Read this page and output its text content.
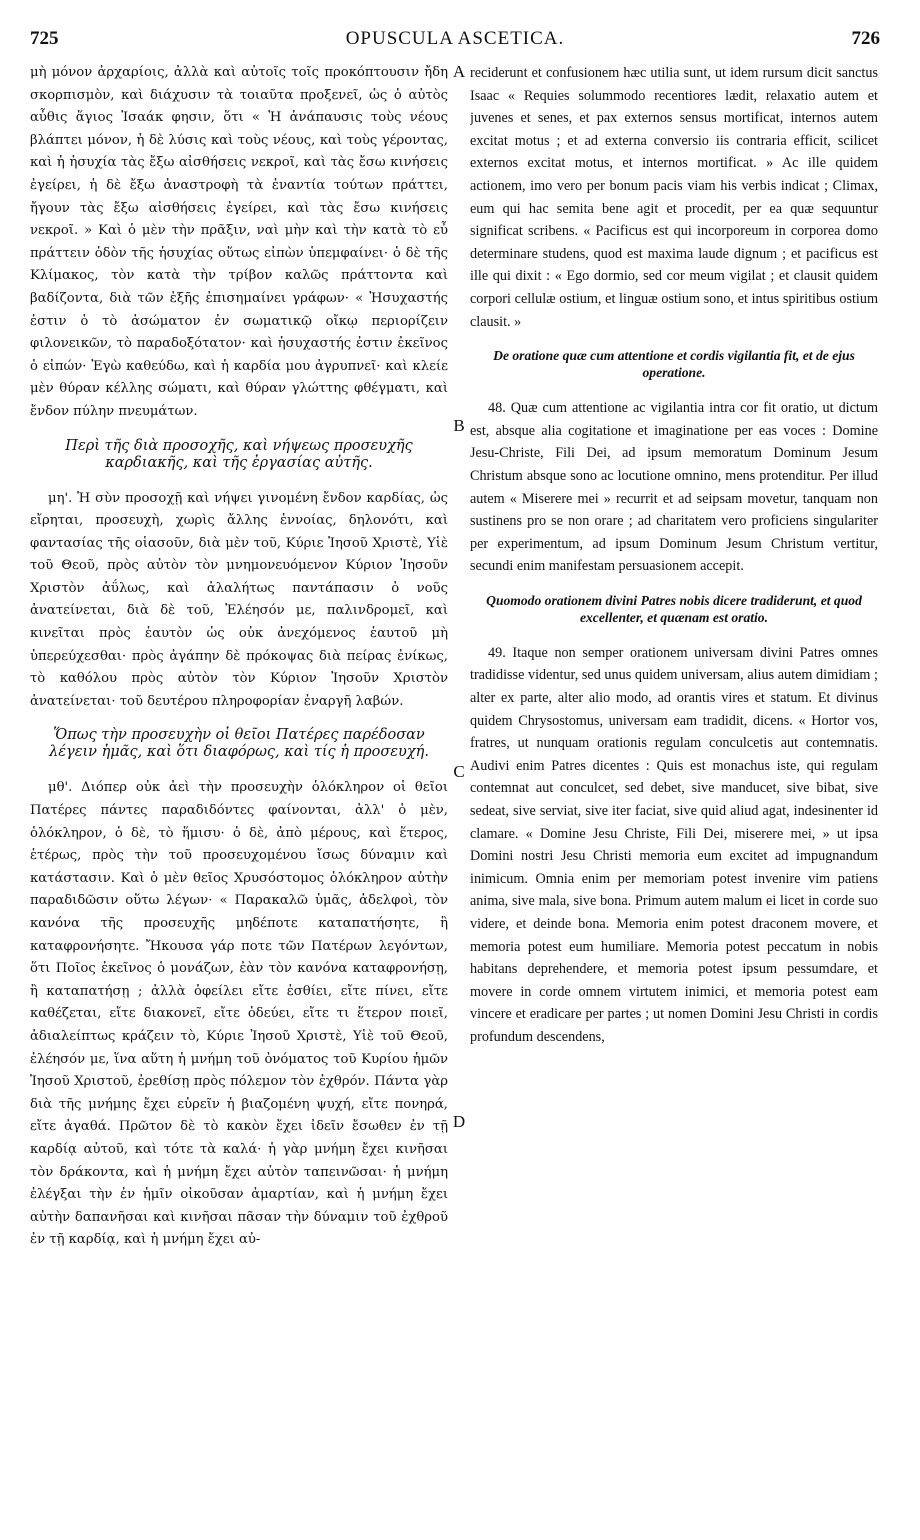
725	OPUSCULA ASCETICA.	726

μὴ μόνον ἀρχαρίοις, ἀλλὰ καὶ αὐτοῖς τοῖς προκόπτουσιν ἤδη σκορπισμὸν, καὶ διάχυσιν τὰ τοιαῦτα προξενεῖ, ὡς ὁ αὐτὸς αὖθις ἅγιος Ἰσαάκ φησιν, ὅτι « Ἡ ἀνάπαυσις τοὺς νέους βλάπτει μόνον, ἡ δὲ λύσις καὶ τοὺς νέους, καὶ τοὺς γέροντας, καὶ ἡ ἡσυχία τὰς ἔξω αἰσθήσεις νεκροῖ, καὶ τὰς ἔσω κινήσεις ἐγείρει, ἡ δὲ ἔξω ἀναστροφὴ τὰ ἐναντία τούτων πράττει, ἤγουν τὰς ἔξω αἰσθήσεις ἐγείρει, καὶ τὰς ἔσω κινήσεις νεκροῖ. » Καὶ ὁ μὲν τὴν πρᾶξιν, ναὶ μὴν καὶ τὴν κατὰ τὸ εὖ πράττειν ὁδὸν τῆς ἡσυχίας οὕτως εἰπὼν ὑπεμφαίνει· ὁ δὲ τῆς Κλίμακος, τὸν κατὰ τὴν τρίβον καλῶς πράττοντα καὶ βαδίζοντα, διὰ τῶν ἑξῆς ἐπισημαίνει γράφων· « Ἡσυχαστής ἐστιν ὁ τὸ ἀσώματον ἐν σωματικῷ οἴκῳ περιορίζειν φιλονεικῶν, τὸ παραδοξότατον· καὶ ἡσυχαστής ἐστιν ἐκεῖνος ὁ εἰπών· Ἐγὼ καθεύδω, καὶ ἡ καρδία μου ἀγρυπνεῖ· καὶ κλείε μὲν θύραν κέλλης σώματι, καὶ θύραν γλώττης φθέγματι, καὶ ἔνδον πύλην πνευμάτων.

Περὶ τῆς διὰ προσοχῆς, καὶ νήψεως προσευχῆς καρδιακῆς, καὶ τῆς ἐργασίας αὐτῆς.

μη'. Ἡ σὺν προσοχῇ καὶ νήψει γινομένη ἔνδον καρδίας, ὡς εἴρηται, προσευχὴ, χωρὶς ἄλλης ἐννοίας, δηλονότι, καὶ φαντασίας τῆς οἱασοῦν, διὰ μὲν τοῦ, Κύριε Ἰησοῦ Χριστὲ, Υἱὲ τοῦ Θεοῦ, πρὸς αὐτὸν τὸν μνημονευόμενον Κύριον Ἰησοῦν Χριστὸν ἀΰλως, καὶ ἀλαλήτως παντάπασιν ὁ νοῦς ἀνατείνεται, διὰ δὲ τοῦ, Ἐλέησόν με, παλινδρομεῖ, καὶ κινεῖται πρὸς ἑαυτὸν ὡς οὐκ ἀνεχόμενος ἑαυτοῦ μὴ ὑπερεύχεσθαι· πρὸς ἀγάπην δὲ πρόκοψας διὰ πείρας ἐνίκως, τὸ καθόλου πρὸς αὐτὸν τὸν Κύριον Ἰησοῦν Χριστὸν ἀνατείνεται· τοῦ δευτέρου πληροφορίαν ἐναργῆ λαβών.

Ὅπως τὴν προσευχὴν οἱ θεῖοι Πατέρες παρέδοσαν λέγειν ἡμᾶς, καὶ ὅτι διαφόρως, καὶ τίς ἡ προσευχή.

μθ'. Διόπερ οὐκ ἀεὶ τὴν προσευχὴν ὁλόκληρον οἱ θεῖοι Πατέρες πάντες παραδιδόντες φαίνονται, ἀλλ' ὁ μὲν, ὁλόκληρον, ὁ δὲ, τὸ ἥμισυ· ὁ δὲ, ἀπὸ μέρους, καὶ ἕτερος, ἑτέρως, πρὸς τὴν τοῦ προσευχομένου ἴσως δύναμιν καὶ κατάστασιν. Καὶ ὁ μὲν θεῖος Χρυσόστομος ὁλόκληρον αὐτὴν παραδιδῶσιν οὕτω λέγων· « Παρακαλῶ ὑμᾶς, ἀδελφοὶ, τὸν κανόνα τῆς προσευχῆς μηδέποτε καταπατήσητε, ἢ καταφρονήσητε. Ἤκουσα γάρ ποτε τῶν Πατέρων λεγόντων, ὅτι Ποῖος ἐκεῖνος ὁ μονάζων, ἐὰν τὸν κανόνα καταφρονήσῃ, ἢ καταπατήσῃ ; ἀλλὰ ὀφείλει εἴτε ἐσθίει, εἴτε πίνει, εἴτε καθέζεται, εἴτε διακονεῖ, εἴτε ὁδεύει, εἴτε τι ἕτερον ποιεῖ, ἀδιαλείπτως κράζειν τὸ, Κύριε Ἰησοῦ Χριστὲ, Υἱὲ τοῦ Θεοῦ, ἐλέησόν με, ἵνα αὕτη ἡ μνήμη τοῦ ὀνόματος τοῦ Κυρίου ἡμῶν Ἰησοῦ Χριστοῦ, ἐρεθίσῃ πρὸς πόλεμον τὸν ἐχθρόν. Πάντα γὰρ διὰ τῆς μνήμης ἔχει εὑρεῖν ἡ βιαζομένη ψυχή, εἴτε πονηρά, εἴτε ἀγαθά. Πρῶτον δὲ τὸ κακὸν ἔχει ἰδεῖν ἔσωθεν ἐν τῇ καρδίᾳ αὐτοῦ, καὶ τότε τὰ καλά· ἡ γὰρ μνήμη ἔχει κινῆσαι τὸν δράκοντα, καὶ ἡ μνήμη ἔχει αὐτὸν ταπεινῶσαι· ἡ μνήμη ἐλέγξαι τὴν ἐν ἡμῖν οἰκοῦσαν ἁμαρτίαν, καὶ ἡ μνήμη ἔχει αὐτὴν δαπανῆσαι καὶ κινῆσαι πᾶσαν τὴν δύναμιν τοῦ ἐχθροῦ ἐν τῇ καρδίᾳ, καὶ ἡ μνήμη ἔχει αὐ-

A
B
C
D

reciderunt et confusionem hæc utilia sunt, ut idem rursum dicit sanctus Isaac « Requies solummodo recentiores lædit, relaxatio autem et juvenes et senes, et pax externos sensus mortificat, internos autem excitat motus ; et ad externa conversio iis contraria efficit, scilicet externos excitat motus, et internos mortificat. » Ac ille quidem actionem, imo vero per bonum pacis viam his verbis indicat ; Climax, eum qui hac semita bene agit et procedit, per ea quæ sequuntur significat scribens. « Pacificus est qui incorporeum in corporea domo determinare studens, quod est maxima laude dignum ; et pacificus est ille qui dixit : « Ego dormio, sed cor meum vigilat ; et clausit quidem corpori cellulæ ostium, et linguæ ostium sono, et intus spiritibus ostium clausit. »

De oratione quæ cum attentione et cordis vigilantia fit, et de ejus operatione.

48. Quæ cum attentione ac vigilantia intra cor fit oratio, ut dictum est, absque alia cogitatione et imaginatione per eas voces : Domine Jesu-Christe, Fili Dei, ad ipsum memoratum Dominum Jesum Christum absque sono ac locutione omnino, mens protenditur. Per illud autem « Miserere mei » recurrit et ad seipsam movetur, tanquam non sustinens pro se non orare ; ad charitatem vero proficiens singulariter per experimentum, ad ipsum Dominum Jesum Christum vertitur, secundi enim manifestam persuasionem accepit.

Quomodo orationem divini Patres nobis dicere tradiderunt, et quod excellenter, et quænam est oratio.

49. Itaque non semper orationem universam divini Patres omnes tradidisse videntur, sed unus quidem universam, alius autem dimidiam ; alter ex parte, alter alio modo, ad orantis vires et statum. Et divinus quidem Chrysostomus, universam eam tradidit, dicens. « Hortor vos, fratres, ut nunquam orationis regulam conculcetis aut contemnatis. Audivi enim Patres dicentes : Quis est monachus iste, qui regulam contemnat aut conculcet, sed debet, sive manducet, sive bibat, sive sedeat, sive serviat, sive iter faciat, sive quid aliud agat, indesinenter id clamare. « Domine Jesu Christe, Fili Dei, miserere mei, » ut ipsa Domini nostri Jesu Christi memoria eum excitet ad impugnandum inimicum. Omnia enim per memoriam potest invenire vim patiens anima, sive mala, sive bona. Primum autem malum ei licet in corde suo videre, et deinde bona. Memoria enim potest draconem movere, et memoria potest eum humiliare. Memoria potest peccatum in nobis habitans deprehendere, et memoria potest ipsum pessumdare, et movere in corde omnem virtutem inimici, et memoria potest eam vincere et eradicare per partes ; ut nomen Domini Jesu Christi in cordis profundum descendens,
